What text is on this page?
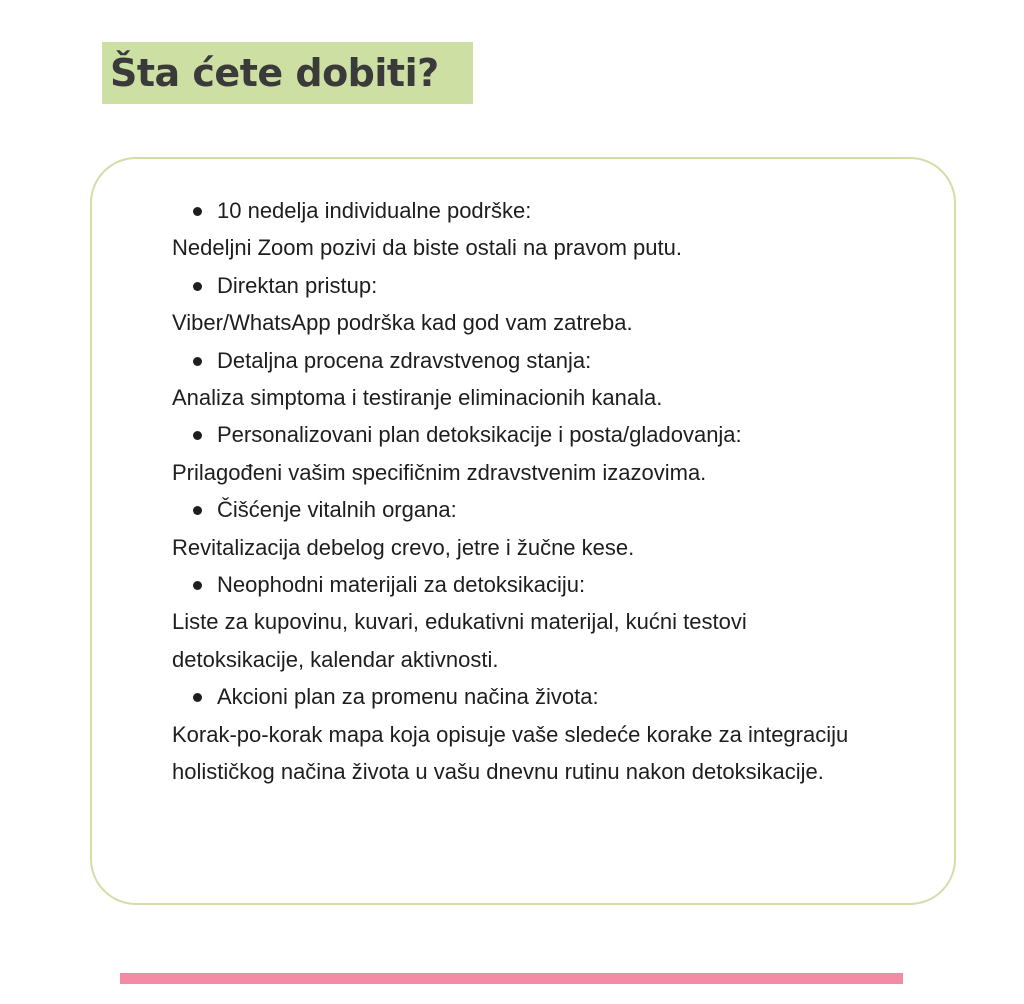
Šta ćete dobiti?
10 nedelja individualne podrške:
Nedeljni Zoom pozivi da biste ostali na pravom putu.
Direktan pristup:
Viber/WhatsApp podrška kad god vam zatreba.
Detaljna procena zdravstvenog stanja:
Analiza simptoma i testiranje eliminacionih kanala.
Personalizovani plan detoksikacije i posta/gladovanja:
Prilagođeni vašim specifičnim zdravstvenim izazovima.
Čišćenje vitalnih organa:
Revitalizacija debelog crevo, jetre i žučne kese.
Neophodni materijali za detoksikaciju:
Liste za kupovinu, kuvari, edukativni materijal, kućni testovi detoksikacije, kalendar aktivnosti.
Akcioni plan za promenu načina života:
Korak-po-korak mapa koja opisuje vaše sledeće korake za integraciju holističkog načina života u vašu dnevnu rutinu nakon detoksikacije.
